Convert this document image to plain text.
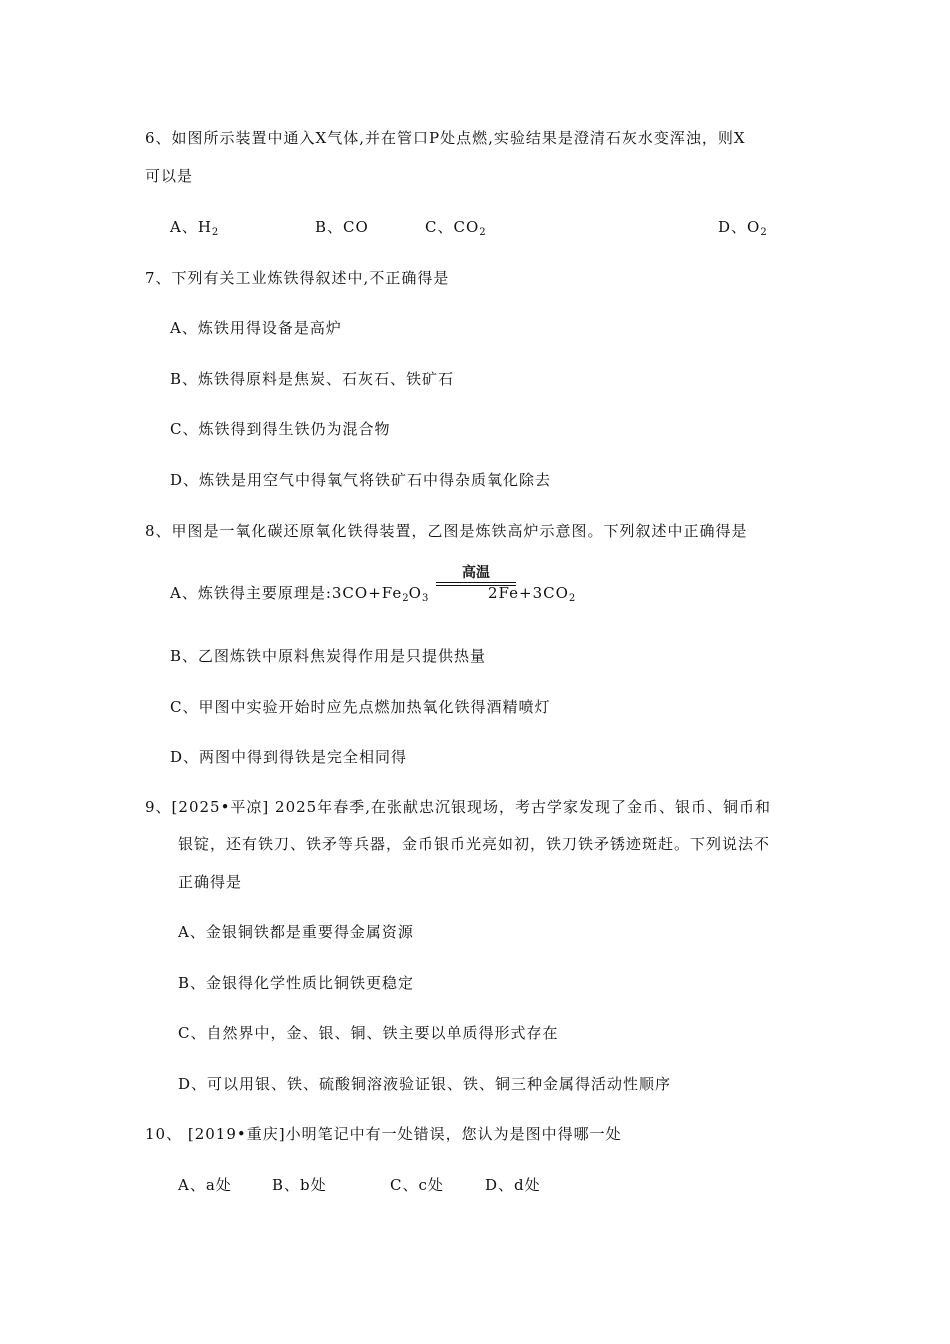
6、如图所示装置中通入X气体,并在管口P处点燃,实验结果是澄清石灰水变浑浊，则X
可以是
A、$H_2$	B、CO	C、$CO_2$	D、$O_2$
7、下列有关工业炼铁得叙述中,不正确得是
A、炼铁用得设备是高炉
B、炼铁得原料是焦炭、石灰石、铁矿石
C、炼铁得到得生铁仍为混合物
D、炼铁是用空气中得氧气将铁矿石中得杂质氧化除去
8、甲图是一氧化碳还原氧化铁得装置，乙图是炼铁高炉示意图。下列叙述中正确得是
A、炼铁得主要原理是$:3CO+Fe_2O_3$
高温
$2Fe+3CO_2$
B、乙图炼铁中原料焦炭得作用是只提供热量
C、甲图中实验开始时应先点燃加热氧化铁得酒精喷灯
D、两图中得到得铁是完全相同得
9、[2025•平凉] 2025年春季,在张献忠沉银现场，考古学家发现了金币、银币、铜币和
银锭，还有铁刀、铁矛等兵器，金币银币光亮如初，铁刀铁矛锈迹斑赶。下列说法不
正确得是
A、金银铜铁都是重要得金属资源
B、金银得化学性质比铜铁更稳定
C、自然界中，金、银、铜、铁主要以单质得形式存在
D、可以用银、铁、硫酸铜溶液验证银、铁、铜三种金属得活动性顺序
10、 [2019•重庆]小明笔记中有一处错误，您认为是图中得哪一处
A、a处	B、b处	C、c处	D、d处
